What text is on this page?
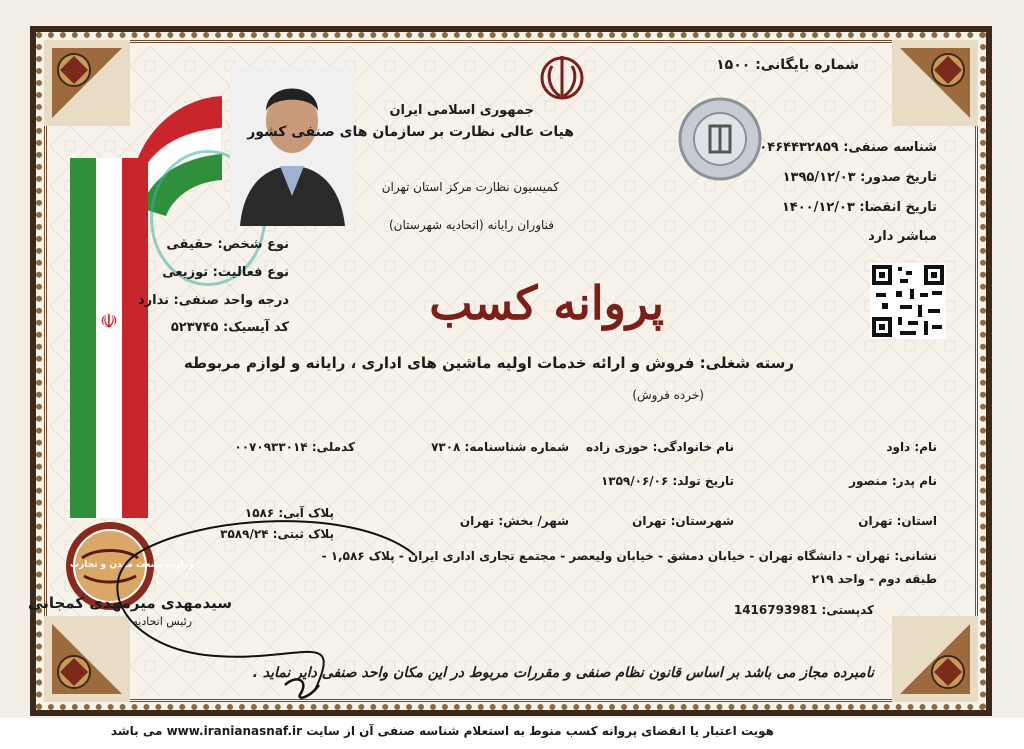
☫
جمهوری اسلامی ایران
هیات عالی نظارت بر سازمان های صنفی کشور
کمیسیون نظارت مرکز استان تهران
فناوران رایانه (اتحادیه شهرستان)
شماره بایگانی: ۱۵۰۰
شناسه صنفی: ۰۴۶۴۴۳۲۸۵۹
تاریخ صدور: ۱۳۹۵/۱۲/۰۳
تاریخ انقضا: ۱۴۰۰/۱۲/۰۳
مباشر دارد
نوع شخص: حقیقی
نوع فعالیت: توزیعی
درجه واحد صنفی: ندارد
کد آیسیک: ۵۲۳۷۴۵	پروانه کسب
رسته شغلی: فروش و ارائه خدمات اولیه ماشین های اداری ، رایانه و لوازم مربوطه
(خرده فروش)
نام: داود
نام خانوادگی: حوری زاده
شماره شناسنامه: ۷۳۰۸
کدملی: ۰۰۷۰۹۳۳۰۱۴
نام پدر: منصور
تاریخ تولد: ۱۳۵۹/۰۶/۰۶
استان: تهران
شهرستان: تهران
شهر/ بخش: تهران
پلاک آبی: ۱۵۸۶
پلاک ثبتی: ۳۵۸۹/۲۴
نشانی: تهران - دانشگاه تهران - خیابان دمشق - خیابان ولیعصر - مجتمع تجاری اداری ایران - پلاک ۱,۵۸۶ -
طبقه دوم - واحد ۲۱۹
کدپستی: 1416793981
وزارت صنعت معدن و تجارت
سیدمهدی میرمهدی کمجانی
رئیس اتحادیه
نامبرده مجاز می باشد بر اساس قانون نظام صنفی و مقررات مربوط در این مکان واحد صنفی دایر نماید .
هویت اعتبار یا انقضای پروانه کسب منوط به استعلام شناسه صنفی آن از سایت www.iranianasnaf.ir می باشد
